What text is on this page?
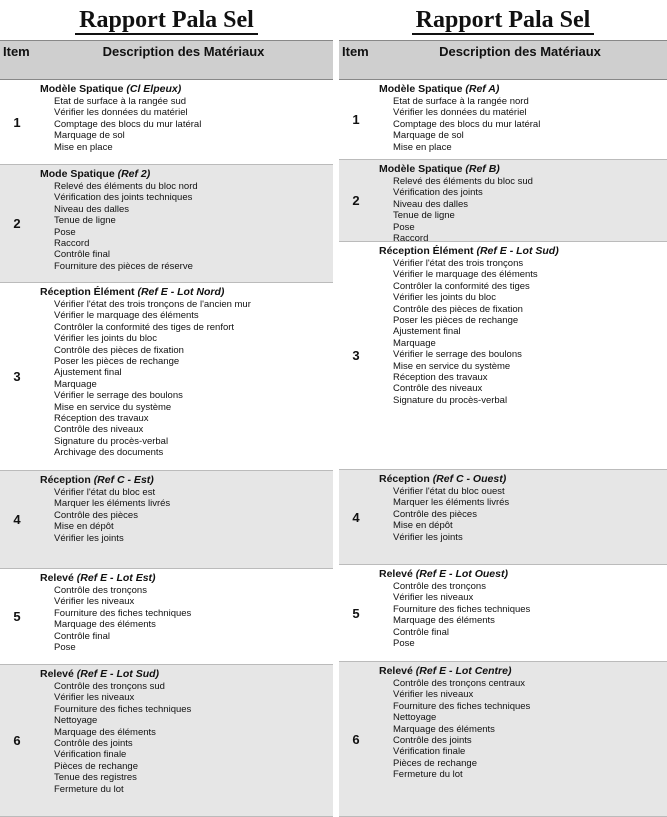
Rapport Pala Sel
Item	Description des Matériaux
1
Modèle Spatique (Cl Elpeux)
• Etat de surface à la rangée sud
• Vérifier les données du matériel
• Comptage des blocs du mur latéral
• Marquage de sol
• Mise en place
2
Mode Spatique (Ref 2)
• Relevé des éléments du bloc nord
• Vérification des joints techniques
• Niveau des dalles
• Tenue de ligne
• Pose
• Raccord
• Contrôle final
• Fourniture des pièces de réserve
3
Réception Élément (Ref E - Lot Nord)
• Vérifier l'état des trois tronçons de l'ancien mur
• Vérifier le marquage des éléments
• Contrôler la conformité des tiges de renfort
• Vérifier les joints du bloc
• Contrôle des pièces de fixation
• Poser les pièces de rechange
• Ajustement final
• Marquage
• Vérifier le serrage des boulons
• Mise en service du système
• Réception des travaux
• Contrôle des niveaux
• Signature du procès-verbal
• Archivage des documents
4
Réception (Ref C - Est)
• Vérifier l'état du bloc est
• Marquer les éléments livrés
• Contrôle des pièces
• Mise en dépôt
• Vérifier les joints
5
Relevé (Ref E - Lot Est)
• Contrôle des tronçons
• Vérifier les niveaux
• Fourniture des fiches techniques
• Marquage des éléments
• Contrôle final
• Pose
6
Relevé (Ref E - Lot Sud)
• Contrôle des tronçons sud
• Vérifier les niveaux
• Fourniture des fiches techniques
• Nettoyage
• Marquage des éléments
• Contrôle des joints
• Vérification finale
• Pièces de rechange
• Tenue des registres
• Fermeture du lot
Rapport Pala Sel
Item	Description des Matériaux
1
Modèle Spatique (Ref A)
• Etat de surface à la rangée nord
• Vérifier les données du matériel
• Comptage des blocs du mur latéral
• Marquage de sol
• Mise en place
2
Modèle Spatique (Ref B)
• Relevé des éléments du bloc sud
• Vérification des joints
• Niveau des dalles
• Tenue de ligne
• Pose
• Raccord
3
Réception Élément (Ref E - Lot Sud)
• Vérifier l'état des trois tronçons
• Vérifier le marquage des éléments
• Contrôler la conformité des tiges
• Vérifier les joints du bloc
• Contrôle des pièces de fixation
• Poser les pièces de rechange
• Ajustement final
• Marquage
• Vérifier le serrage des boulons
• Mise en service du système
• Réception des travaux
• Contrôle des niveaux
• Signature du procès-verbal
4
Réception (Ref C - Ouest)
• Vérifier l'état du bloc ouest
• Marquer les éléments livrés
• Contrôle des pièces
• Mise en dépôt
• Vérifier les joints
5
Relevé (Ref E - Lot Ouest)
• Contrôle des tronçons
• Vérifier les niveaux
• Fourniture des fiches techniques
• Marquage des éléments
• Contrôle final
• Pose
6
Relevé (Ref E - Lot Centre)
• Contrôle des tronçons centraux
• Vérifier les niveaux
• Fourniture des fiches techniques
• Nettoyage
• Marquage des éléments
• Contrôle des joints
• Vérification finale
• Pièces de rechange
• Fermeture du lot
